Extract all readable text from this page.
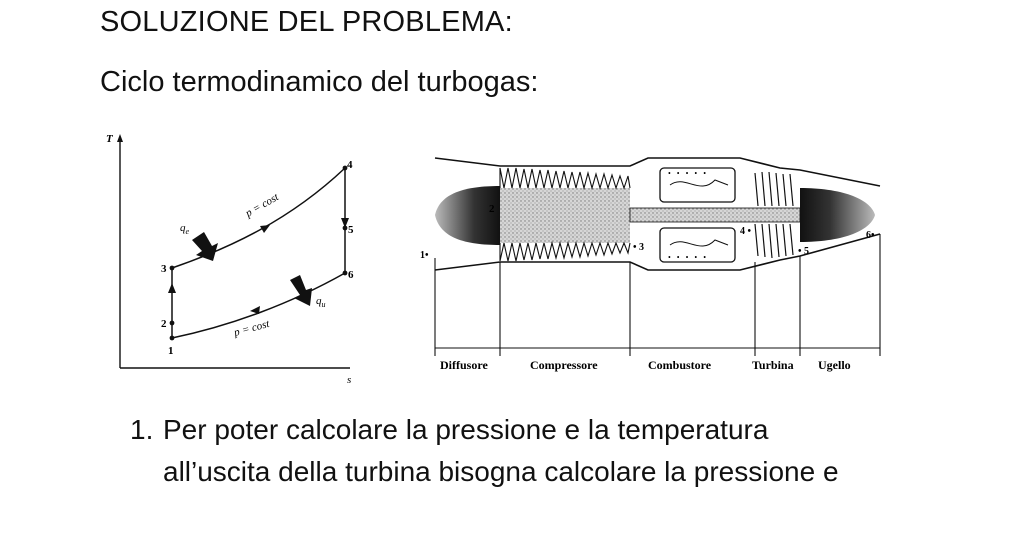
SOLUZIONE DEL PROBLEMA:
Ciclo termodinamico del turbogas:
T
s
1
2
3
4
5
6
p = cost
p = cost
$q_e$
$q_u$
• • • • •
• • • • •
1•
2
• 3
4 •
• 5
6•
Diffusore	Compressore	Combustore	Turbina Ugello
1. Per poter calcolare la pressione e la temperatura
all’uscita della turbina bisogna calcolare la pressione e
